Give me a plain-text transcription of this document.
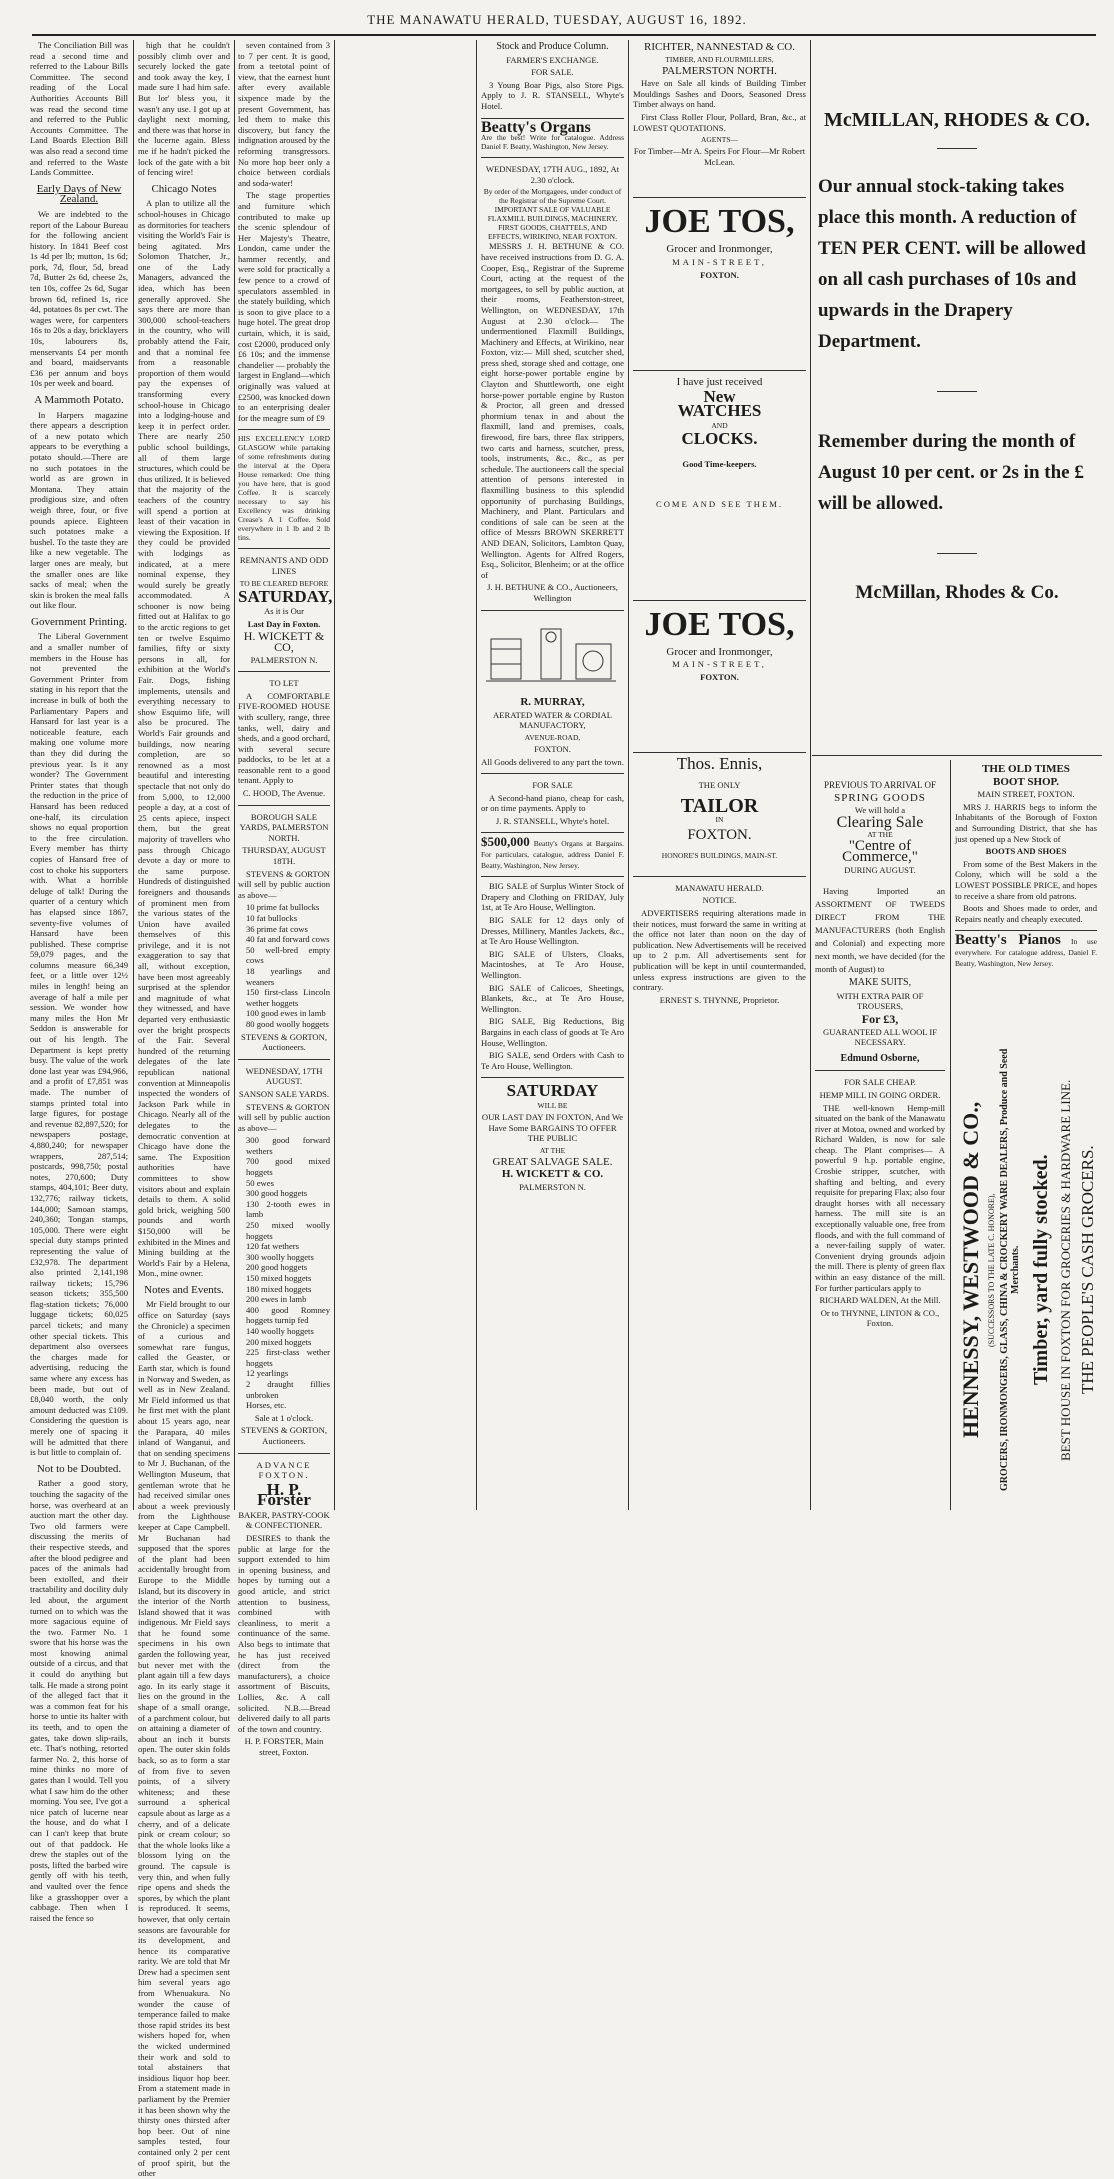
THE MANAWATU HERALD, TUESDAY, AUGUST 16, 1892.

The Conciliation Bill was read a second time and referred to the Labour Bills Committee. The second reading of the Local Authorities Accounts Bill was read the second time and referred to the Public Accounts Committee. The Land Boards Election Bill was also read a second time and referred to the Waste Lands Committee.

Early Days of New Zealand.

We are indebted to the report of the Labour Bureau for the following ancient history. In 1841 Beef cost 1s 4d per lb; mutton, 1s 6d; pork, 7d, flour, 5d, bread 7d, Butter 2s 6d, cheese 2s, ten 10s, coffee 2s 6d, Sugar brown 6d, refined 1s, rice 4d, potatoes 8s per cwt. The wages were, for carpenters 16s to 20s a day, bricklayers 10s, labourers 8s, menservants £4 per month and board, maidservants £36 per annum and boys 10s per week and board.

A Mammoth Potato.

In Harpers magazine there appears a description of a new potato which appears to be everything a potato should.—There are no such potatoes in the world as are grown in Montana. They attain prodigious size, and often weigh three, four, or five pounds apiece. Eighteen such potatoes make a bushel. To the taste they are like a new vegetable. The larger ones are mealy, but the smaller ones are like sacks of meal; when the skin is broken the meal falls out like flour.

Government Printing.

The Liberal Government and a smaller number of members in the House has not prevented the Government Printer from stating in his report that the increase in bulk of both the Parliamentary Papers and Hansard for last year is a noticeable feature, each making one volume more than they did during the previous year. Is it any wonder? The Government Printer states that though the reduction in the price of Hansard has been reduced one-half, its circulation shows no equal proportion to the free circulation. Every member has thirty copies of Hansard free of cost to choke his supporters with. What a horrible deluge of talk! During the quarter of a century which has elapsed since 1867, seventy-five volumes of Hansard have been published. These comprise 59,079 pages, and the columns measure 66,349 feet, or a little over 12½ miles in length! being an average of half a mile per session. We wonder how many miles the Hon Mr Seddon is answerable for out of his length. The Department is kept pretty busy. The value of the work done last year was £94,966, and a profit of £7,851 was made. The number of stamps printed total into large figures, for postage and revenue 82,897,520; for newspapers postage, 4,880,240; for newspaper wrappers, 287,514; postcards, 998,750; postal notes, 270,600; Duty stamps, 404,101; Beer duty, 132,776; railway tickets, 144,000; Samoan stamps, 240,360; Tongan stamps, 105,000. There were eight special duty stamps printed representing the value of £32,978. The department also printed 2,141,198 railway tickets; 15,796 season tickets; 355,500 flag-station tickets; 76,000 luggage tickets; 60,025 parcel tickets; and many other special tickets. This department also oversees the charges made for advertising, reducing the same where any excess has been made, but out of £8,040 worth, the only amount deducted was £109. Considering the question is merely one of spacing it will be admitted that there is but little to complain of.

Not to be Doubted.

Rather a good story, touching the sagacity of the horse, was overheard at an auction mart the other day. Two old farmers were discussing the merits of their respective steeds, and after the blood pedigree and paces of the animals had been extolled, and their tractability and docility duly led about, the argument turned on to which was the more sagacious equine of the two. Farmer No. 1 swore that his horse was the most knowing animal outside of a circus, and that it could do anything but talk. He made a strong point of the alleged fact that it was a common feat for his horse to untie its halter with its teeth, and to open the gates, take down slip-rails, etc. That's nothing, retorted farmer No. 2, this horse of mine thinks no more of gates than I would. Tell you what I saw him do the other morning. You see, I've got a nice patch of lucerne near the house, and do what I can I can't keep that brute out of that paddock. He drew the staples out of the posts, lifted the barbed wire gently off with his teeth, and vaulted over the fence like a grasshopper over a cabbage. Then when I raised the fence so

high that he couldn't possibly climb over and securely locked the gate and took away the key, I made sure I had him safe. But lor' bless you, it wasn't any use. I got up at daylight next morning, and there was that horse in the lucerne again. Bless me if he hadn't picked the lock of the gate with a bit of fencing wire!

Chicago Notes

A plan to utilize all the school-houses in Chicago as dormitories for teachers visiting the World's Fair is being agitated. Mrs Solomon Thatcher, Jr., one of the Lady Managers, advanced the idea, which has been generally approved. She says there are more than 300,000 school-teachers in the country, who will probably attend the Fair, and that a nominal fee from a reasonable proportion of them would pay the expenses of transforming every school-house in Chicago into a lodging-house and keep it in perfect order. There are nearly 250 public school buildings, all of them large structures, which could be thus utilized. It is believed that the majority of the teachers of the country will spend a portion at least of their vacation in viewing the Exposition. If they could be provided with lodgings as indicated, at a mere nominal expense, they would surely be greatly accommodated. A schooner is now being fitted out at Halifax to go to the arctic regions to get ten or twelve Esquimo families, fifty or sixty persons in all, for exhibition at the World's Fair. Dogs, fishing implements, utensils and everything necessary to show Esquimo life, will also be procured. The World's Fair grounds and buildings, now nearing completion, are so renowned as a most beautiful and interesting spectacle that not only do from 5,000, to 12,000 people a day, at a cost of 25 cents apiece, inspect them, but the great majority of travellers who pass through Chicago devote a day or more to the same purpose. Hundreds of distinguished foreigners and thousands of prominent men from the various states of the Union have availed themselves of this privilege, and it is not exaggeration to say that all, without exception, have been most agreeably surprised at the splendor and magnitude of what they witnessed, and have departed very enthusiastic over the bright prospects of the Fair. Several hundred of the returning delegates of the late republican national convention at Minneapolis inspected the wonders of Jackson Park while in Chicago. Nearly all of the delegates to the democratic convention at Chicago have done the same. The Exposition authorities have committees to show visitors about and explain details to them. A solid gold brick, weighing 500 pounds and worth $150,000 will be exhibited in the Mines and Mining building at the World's Fair by a Helena, Mon., mine owner.

Notes and Events.

Mr Field brought to our office on Saturday (says the Chronicle) a specimen of a curious and somewhat rare fungus, called the Geaster, or Earth star, which is found in Norway and Sweden, as well as in New Zealand. Mr Field informed us that he first met with the plant about 15 years ago, near the Parapara, 40 miles inland of Wanganui, and that on sending specimens to Mr J. Buchanan, of the Wellington Museum, that gentleman wrote that he had received similar ones about a week previously from the Lighthouse keeper at Cape Campbell. Mr Buchanan had supposed that the spores of the plant had been accidentally brought from Europe to the Middle Island, but its discovery in the interior of the North Island showed that it was indigenous. Mr Field says that he found some specimens in his own garden the following year, but never met with the plant again till a few days ago. In its early stage it lies on the ground in the shape of a small orange, of a parchment colour, but on attaining a diameter of about an inch it bursts open. The outer skin folds back, so as to form a star of from five to seven points, of a silvery whiteness; and these surround a spherical capsule about as large as a cherry, and of a delicate pink or cream colour; so that the whole looks like a blossom lying on the ground. The capsule is very thin, and when fully ripe opens and sheds the spores, by which the plant is reproduced. It seems, however, that only certain seasons are favourable for its development, and hence its comparative rarity. We are told that Mr Drew had a specimen sent him several years ago from Whenuakura. No wonder the cause of temperance failed to make those rapid strides its best wishers hoped for, when the wicked undermined their work and sold to total abstainers that insidious liquor hop beer. From a statement made in parliament by the Premier it has been shown why the thirsty ones thirsted after hop beer. Out of nine samples tested, four contained only 2 per cent of proof spirit, but the other

seven contained from 3 to 7 per cent. It is good, from a teetotal point of view, that the earnest hunt after every available sixpence made by the present Government, has led them to make this discovery, but fancy the indignation aroused by the reforming transgressors. No more hop beer only a choice between cordials and soda-water!

The stage properties and furniture which contributed to make up the scenic splendour of Her Majesty's Theatre, London, came under the hammer recently, and were sold for practically a few pence to a crowd of speculators assembled in the stately building, which is soon to give place to a huge hotel. The great drop curtain, which, it is said, cost £2000, produced only £6 10s; and the immense chandelier — probably the largest in England—which originally was valued at £2500, was knocked down to an enterprising dealer for the meagre sum of £9

HIS EXCELLENCY LORD GLASGOW while partaking of some refreshments during the interval at the Opera House remarked: One thing you have here, that is good Coffee. It is scarcely necessary to say his Excellency was drinking Crease's A 1 Coffee. Sold everywhere in 1 lb and 2 lb tins.
REMNANTS AND ODD LINES
TO BE CLEARED BEFORE
SATURDAY,
As it is Our
Last Day in Foxton.
H. WICKETT & CO,
PALMERSTON N.
TO LET

A COMFORTABLE FIVE-ROOMED HOUSE with scullery, range, three tanks, well, dairy and sheds, and a good orchard, with several secure paddocks, to be let at a reasonable rent to a good tenant. Apply to

C. HOOD, The Avenue.
BOROUGH SALE YARDS, PALMERSTON NORTH.
THURSDAY, AUGUST 18TH.

STEVENS & GORTON will sell by public auction as above—

10 prime fat bullocks
10 fat bullocks
36 prime fat cows
40 fat and forward cows
50 well-bred empty cows
18 yearlings and weaners
150 first-class Lincoln wether hoggets
100 good ewes in lamb
80 good woolly hoggets
STEVENS & GORTON, Auctioneers.
WEDNESDAY, 17TH AUGUST.
SANSON SALE YARDS.

STEVENS & GORTON will sell by public auction as above—

300 good forward wethers
700 good mixed hoggets
50 ewes
300 good hoggets
130 2-tooth ewes in lamb
250 mixed woolly hoggets
120 fat wethers
300 woolly hoggets
200 good hoggets
150 mixed hoggets
180 mixed hoggets
200 ewes in lamb
400 good Romney hoggets turnip fed
140 woolly hoggets
200 mixed hoggets
225 first-class wether hoggets
12 yearlings
2 draught fillies unbroken
Horses, etc.
Sale at 1 o'clock.
STEVENS & GORTON, Auctioneers.
ADVANCE FOXTON.
H. P. Forster
BAKER, PASTRY-COOK & CONFECTIONER.

DESIRES to thank the public at large for the support extended to him in opening business, and hopes by turning out a good article, and strict attention to business, combined with cleanliness, to merit a continuance of the same. Also begs to intimate that he has just received (direct from the manufacturers), a choice assortment of Biscuits, Lollies, &c. A call solicited. N.B.—Bread delivered daily to all parts of the town and country.

H. P. FORSTER, Main street, Foxton.
Stock and Produce Column.
FARMER'S EXCHANGE.
FOR SALE.

3 Young Boar Pigs, also Store Pigs. Apply to J. R. STANSELL, Whyte's Hotel.

Beatty's Organs
Are the best! Write for catalogue. Address Daniel F. Beatty, Washington, New Jersey.
WEDNESDAY, 17TH AUG., 1892, At 2.30 o'clock.
By order of the Mortgagees, under conduct of the Registrar of the Supreme Court.
IMPORTANT SALE OF VALUABLE FLAXMILL BUILDINGS, MACHINERY, FIRST GOODS, CHATTELS, AND EFFECTS, WIRIKINO, NEAR FOXTON.

MESSRS J. H. BETHUNE & CO. have received instructions from D. G. A. Cooper, Esq., Registrar of the Supreme Court, acting at the request of the mortgagees, to sell by public auction, at their rooms, Featherston-street, Wellington, on WEDNESDAY, 17th August at 2.30 o'clock— The undermentioned Flaxmill Buildings, Machinery and Effects, at Wirikino, near Foxton, viz:— Mill shed, scutcher shed, press shed, storage shed and cottage, one eight horse-power portable engine by Clayton and Shuttleworth, one eight horse-power portable engine by Ruston & Proctor, all green and dressed phormium tenax in and about the flaxmill, land and premises, coals, firewood, fire bars, three flax strippers, two carts and harness, scutcher, press, tools, instruments, &c., &c., as per schedule. The auctioneers call the special attention of persons interested in flaxmilling business to this splendid opportunity of purchasing Buildings, Machinery, and Plant. Particulars and conditions of sale can be seen at the office of Messrs BROWN SKERRETT AND DEAN, Solicitors, Lambton Quay, Wellington. Agents for Alfred Rogers, Esq., Solicitor, Blenheim; or at the office of

J. H. BETHUNE & CO., Auctioneers, Wellington
R. MURRAY,
AERATED WATER & CORDIAL MANUFACTORY,
AVENUE-ROAD,
FOXTON.
All Goods delivered to any part the town.
FOR SALE

A Second-hand piano, cheap for cash, or on time payments. Apply to

J. R. STANSELL, Whyte's hotel.
$500,000 Beatty's Organs at Bargains. For particulars, catalogue, address Daniel F. Beatty, Washington, New Jersey.

BIG SALE of Surplus Winter Stock of Drapery and Clothing on FRIDAY, July 1st, at Te Aro House, Wellington.

BIG SALE for 12 days only of Dresses, Millinery, Mantles Jackets, &c., at Te Aro House Wellington.

BIG SALE of Ulsters, Cloaks, Macintoshes, at Te Aro House, Wellington.

BIG SALE of Calicoes, Sheetings, Blankets, &c., at Te Aro House, Wellington.

BIG SALE, Big Reductions, Big Bargains in each class of goods at Te Aro House, Wellington.

BIG SALE, send Orders with Cash to Te Aro House, Wellington.

SATURDAY
WILL BE
OUR LAST DAY IN FOXTON, And We Have Some BARGAINS TO OFFER THE PUBLIC
AT THE
GREAT SALVAGE SALE.
H. WICKETT & CO.
PALMERSTON N.
RICHTER, NANNESTAD & CO.
TIMBER, AND FLOURMILLERS,
PALMERSTON NORTH.

Have on Sale all kinds of Building Timber Mouldings Sashes and Doors, Seasoned Dress Timber always on hand.

First Class Roller Flour, Pollard, Bran, &c., at LOWEST QUOTATIONS.

AGENTS—
For Timber—Mr A. Speirs For Flour—Mr Robert McLean.
JOE TOS,
Grocer and Ironmonger,
MAIN-STREET,
FOXTON.
I have just received
New
WATCHES
AND
CLOCKS.
Good Time-keepers.
COME AND SEE THEM.
JOE TOS,
Grocer and Ironmonger,
MAIN-STREET,
FOXTON.
Thos. Ennis,
THE ONLY
TAILOR
IN
FOXTON.
HONORE'S BUILDINGS, MAIN-ST.
MANAWATU HERALD.
NOTICE.

ADVERTISERS requiring alterations made in their notices, must forward the same in writing at the office not later than noon on the day of publication. New Advertisements will be received up to 2 p.m. All advertisements sent for publication will be kept in until countermanded, unless express instructions are given to the contrary.

ERNEST S. THYNNE, Proprietor.
McMILLAN, RHODES & CO.
Our annual stock-taking takes place this month. A reduction of TEN PER CENT. will be allowed on all cash purchases of 10s and upwards in the Drapery Department.
Remember during the month of August 10 per cent. or 2s in the £ will be allowed.
McMillan, Rhodes & Co.
PREVIOUS TO ARRIVAL OF
SPRING GOODS
We will hold a
Clearing Sale
AT THE
"Centre of Commerce,"
DURING AUGUST.

Having Imported an ASSORTMENT OF TWEEDS DIRECT FROM THE MANUFACTURERS (both English and Colonial) and expecting more next month, we have decided (for the month of August) to

MAKE SUITS,
WITH EXTRA PAIR OF TROUSERS,
For £3,
GUARANTEED ALL WOOL IF NECESSARY.
Edmund Osborne,
FOR SALE CHEAP.
HEMP MILL IN GOING ORDER.

THE well-known Hemp-mill situated on the bank of the Manawatu river at Motoa, owned and worked by Richard Walden, is now for sale cheap. The Plant comprises— A powerful 9 h.p. portable engine, Crosbie stripper, scutcher, with shafting and belting, and every requisite for preparing Flax; also four draught horses with all necessary harness. The mill site is an exceptionally valuable one, free from floods, and with the full command of a never-failing supply of water. Convenient drying grounds adjoin the mill. There is plenty of green flax within an easy distance of the mill. For further particulars apply to

RICHARD WALDEN, At the Mill.
Or to THYNNE, LINTON & CO., Foxton.
THE OLD TIMES
BOOT SHOP.
MAIN STREET, FOXTON.

MRS J. HARRIS begs to inform the Inhabitants of the Borough of Foxton and Surrounding District, that she has just opened up a New Stock of

BOOTS AND SHOES

From some of the Best Makers in the Colony, which will be sold a the LOWEST POSSIBLE PRICE, and hopes to receive a share from old patrons.

Boots and Shoes made to order, and Repairs neatly and cheaply executed.

Beatty's Pianos In use everywhere. For catalogue address, Daniel F. Beatty, Washington, New Jersey.
HENNESSY, WESTWOOD & CO., (SUCCESSORS TO THE LATE C. HONORE), GROCERS, IRONMONGERS, GLASS, CHINA & CROCKERY WARE DEALERS, Produce and Seed Merchants. Timber, yard fully stocked. BEST HOUSE IN FOXTON FOR GROCERIES & HARDWARE LINE. THE PEOPLE'S CASH GROCERS.
